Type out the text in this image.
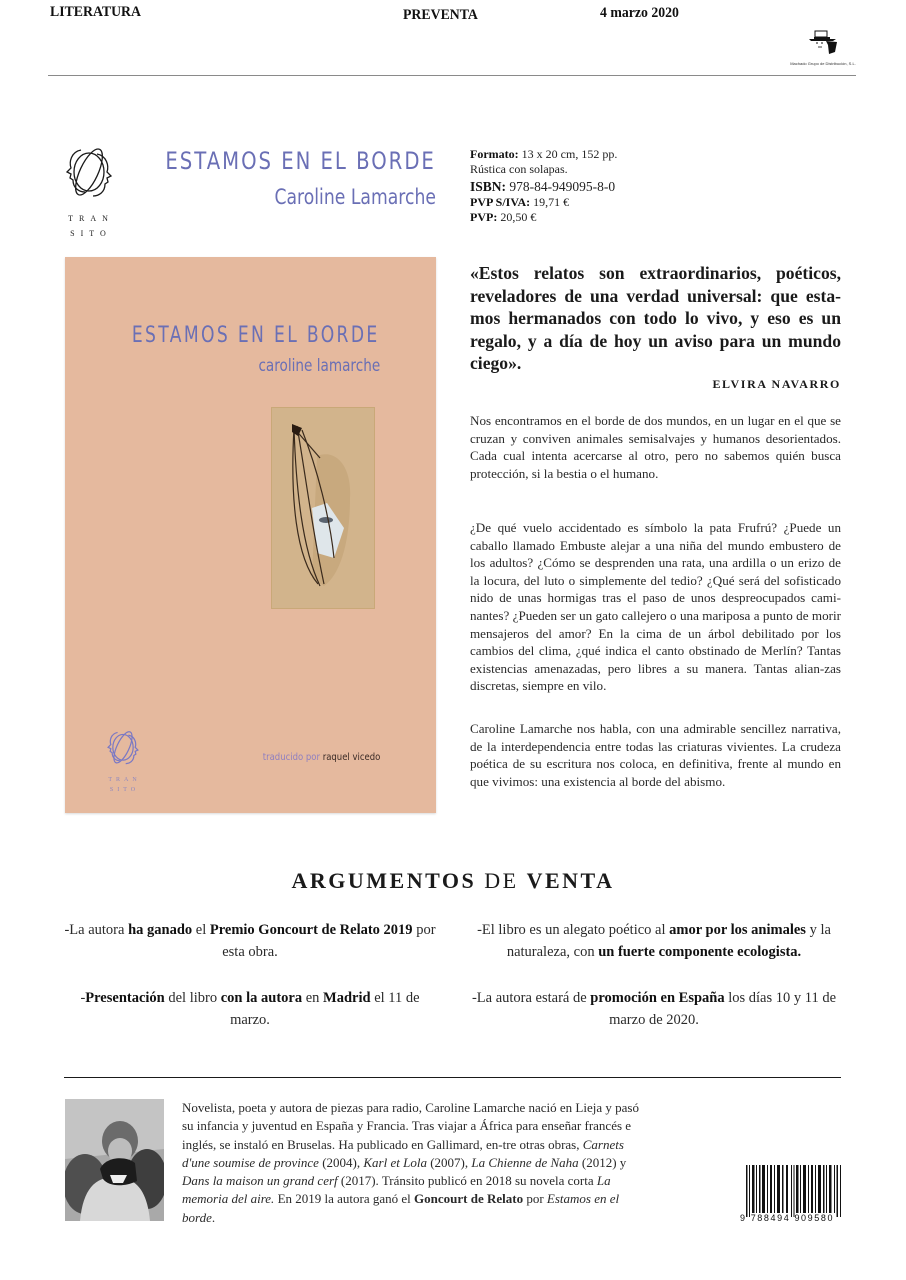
LITERATURA	PREVENTA	4 marzo 2020
Machado Grupo de Distribución, S.L.
TRAN
SITO
ESTAMOS EN EL BORDE
Caroline Lamarche
Formato: 13 x 20 cm, 152 pp.
Rústica con solapas.
ISBN: 978-84-949095-8-0
PVP S/IVA: 19,71 €
PVP: 20,50 €
ESTAMOS EN EL BORDE
caroline lamarche
TRAN
SITO
traducido por raquel vicedo
«Estos relatos son extraordinarios, poéticos, reveladores de una verdad universal: que esta-mos hermanados con todo lo vivo, y eso es un regalo, y a día de hoy un aviso para un mundo ciego».
ELVIRA NAVARRO

Nos encontramos en el borde de dos mundos, en un lugar en el que se cruzan y conviven animales semisalvajes y humanos desorientados. Cada cual intenta acercarse al otro, pero no sabemos quién busca protección, si la bestia o el humano.

¿De qué vuelo accidentado es símbolo la pata Frufrú? ¿Puede un caballo llamado Embuste alejar a una niña del mundo embustero de los adultos? ¿Cómo se desprenden una rata, una ardilla o un erizo de la locura, del luto o simplemente del tedio? ¿Qué será del sofisticado nido de unas hormigas tras el paso de unos despreocupados cami-nantes? ¿Pueden ser un gato callejero o una mariposa a punto de morir mensajeros del amor? En la cima de un árbol debilitado por los cambios del clima, ¿qué indica el canto obstinado de Merlín? Tantas existencias amenazadas, pero libres a su manera. Tantas alian-zas discretas, siempre en vilo.

Caroline Lamarche nos habla, con una admirable sencillez narrativa, de la interdependencia entre todas las criaturas vivientes. La crudeza poética de su escritura nos coloca, en definitiva, frente al mundo en que vivimos: una existencia al borde del abismo.

ARGUMENTOS DE VENTA
-La autora ha ganado el Premio Goncourt de Relato 2019 por esta obra.
-El libro es un alegato poético al amor por los animales y la naturaleza, con un fuerte componente ecologista.
-Presentación del libro con la autora en Madrid el 11 de marzo.
-La autora estará de promoción en España los días 10 y 11 de marzo de 2020.
Novelista, poeta y autora de piezas para radio, Caroline Lamarche nació en Lieja y pasó su infancia y juventud en España y Francia. Tras viajar a África para enseñar francés e inglés, se instaló en Bruselas. Ha publicado en Gallimard, en-tre otras obras, Carnets d'une soumise de province (2004), Karl et Lola (2007), La Chienne de Naha (2012) y Dans la maison un grand cerf (2017). Tránsito publicó en 2018 su novela corta La memoria del aire. En 2019 la autora ganó el Goncourt de Relato por Estamos en el borde.	9 788494 909580
